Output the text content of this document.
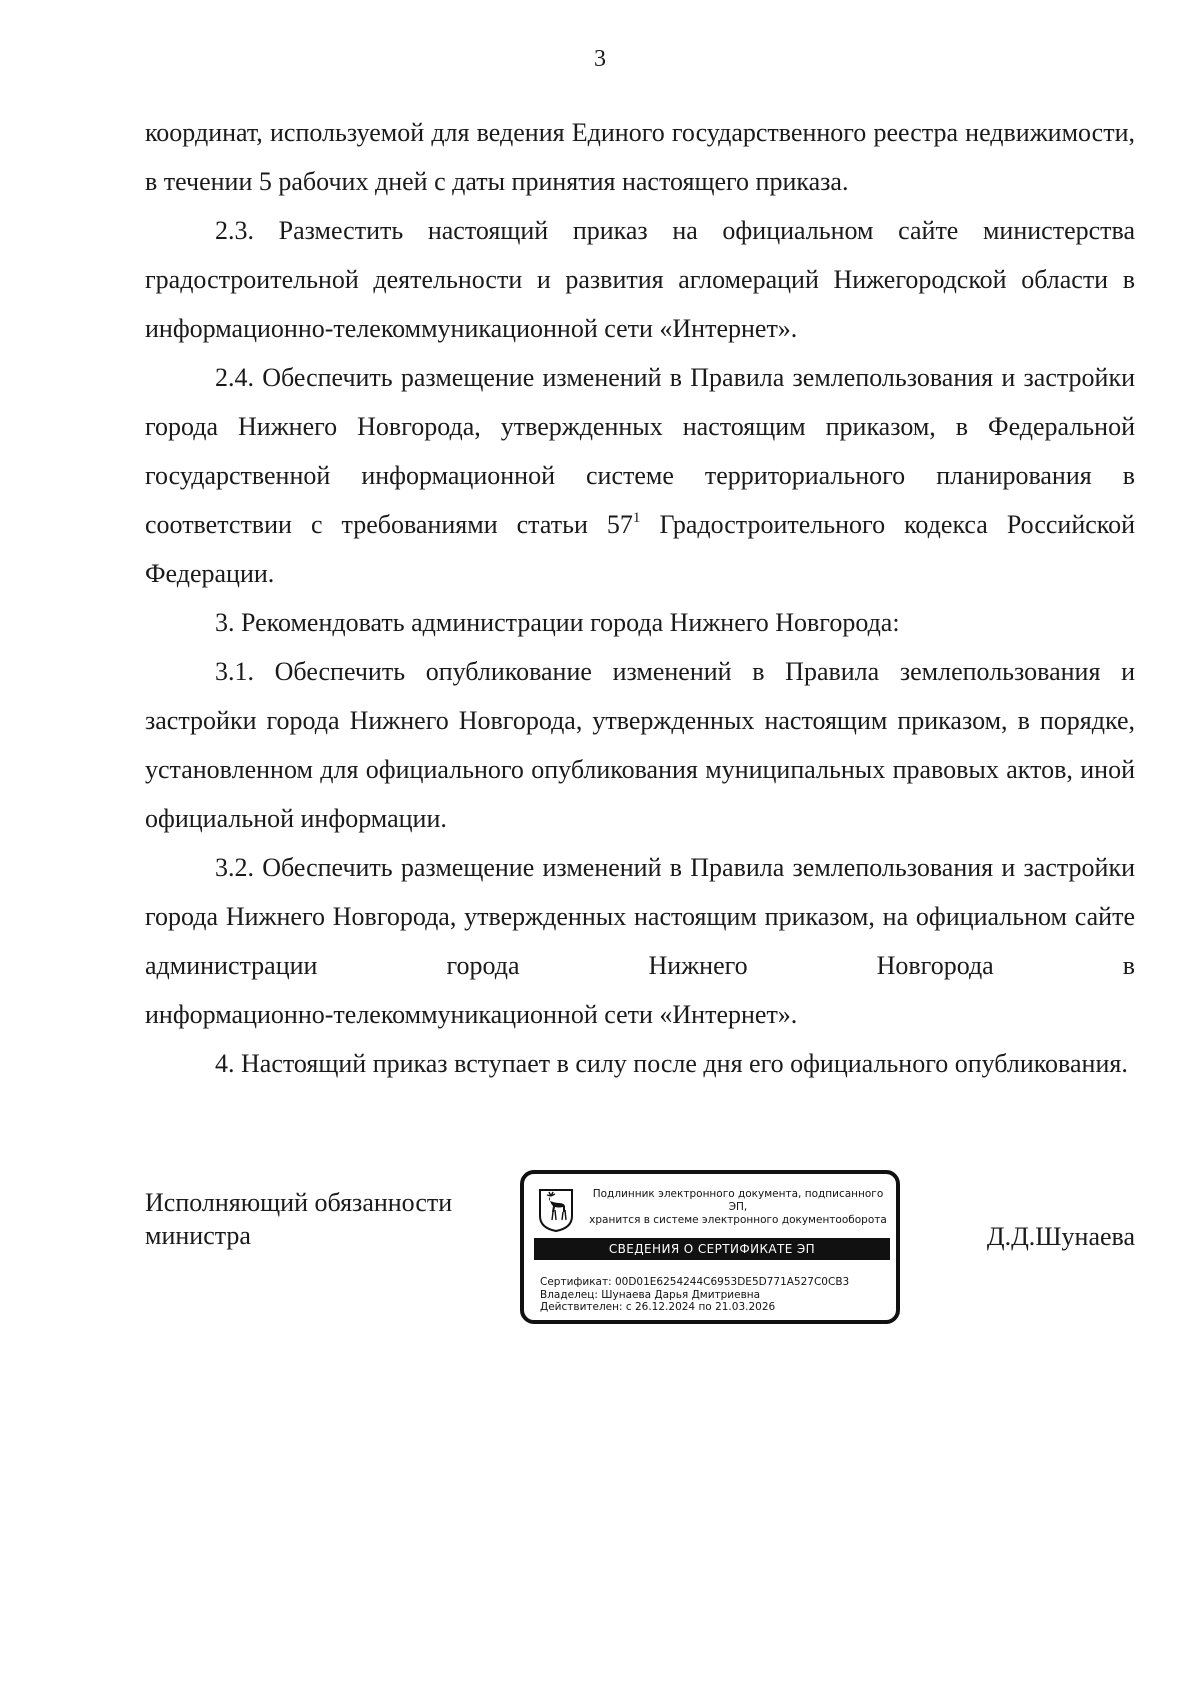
3

координат, используемой для ведения Единого государственного реестра недвижимости, в течении 5 рабочих дней с даты принятия настоящего приказа.

2.3. Разместить настоящий приказ на официальном сайте министерства градостроительной деятельности и развития агломераций Нижегородской области в информационно-телекоммуникационной сети «Интернет».

2.4. Обеспечить размещение изменений в Правила землепользования и застройки города Нижнего Новгорода, утвержденных настоящим приказом, в Федеральной государственной информационной системе территориального планирования в соответствии с требованиями статьи $57^1$ Градостроительного кодекса Российской Федерации.

3. Рекомендовать администрации города Нижнего Новгорода:

3.1. Обеспечить опубликование изменений в Правила землепользования и застройки города Нижнего Новгорода, утвержденных настоящим приказом, в порядке, установленном для официального опубликования муниципальных правовых актов, иной официальной информации.

3.2. Обеспечить размещение изменений в Правила землепользования и застройки города Нижнего Новгорода, утвержденных настоящим приказом, на официальном сайте администрации города Нижнего Новгорода в

информационно-телекоммуникационной сети «Интернет».

4. Настоящий приказ вступает в силу после дня его официального опубликования.

Исполняющий обязанности
министра	Д.Д.Шунаева
Подлинник электронного документа, подписанного ЭП,
хранится в системе электронного документооборота
СВЕДЕНИЯ О СЕРТИФИКАТЕ ЭП
Сертификат: 00D01E6254244C6953DE5D771A527C0CB3
Владелец: Шунаева Дарья Дмитриевна
Действителен: с 26.12.2024 по 21.03.2026
